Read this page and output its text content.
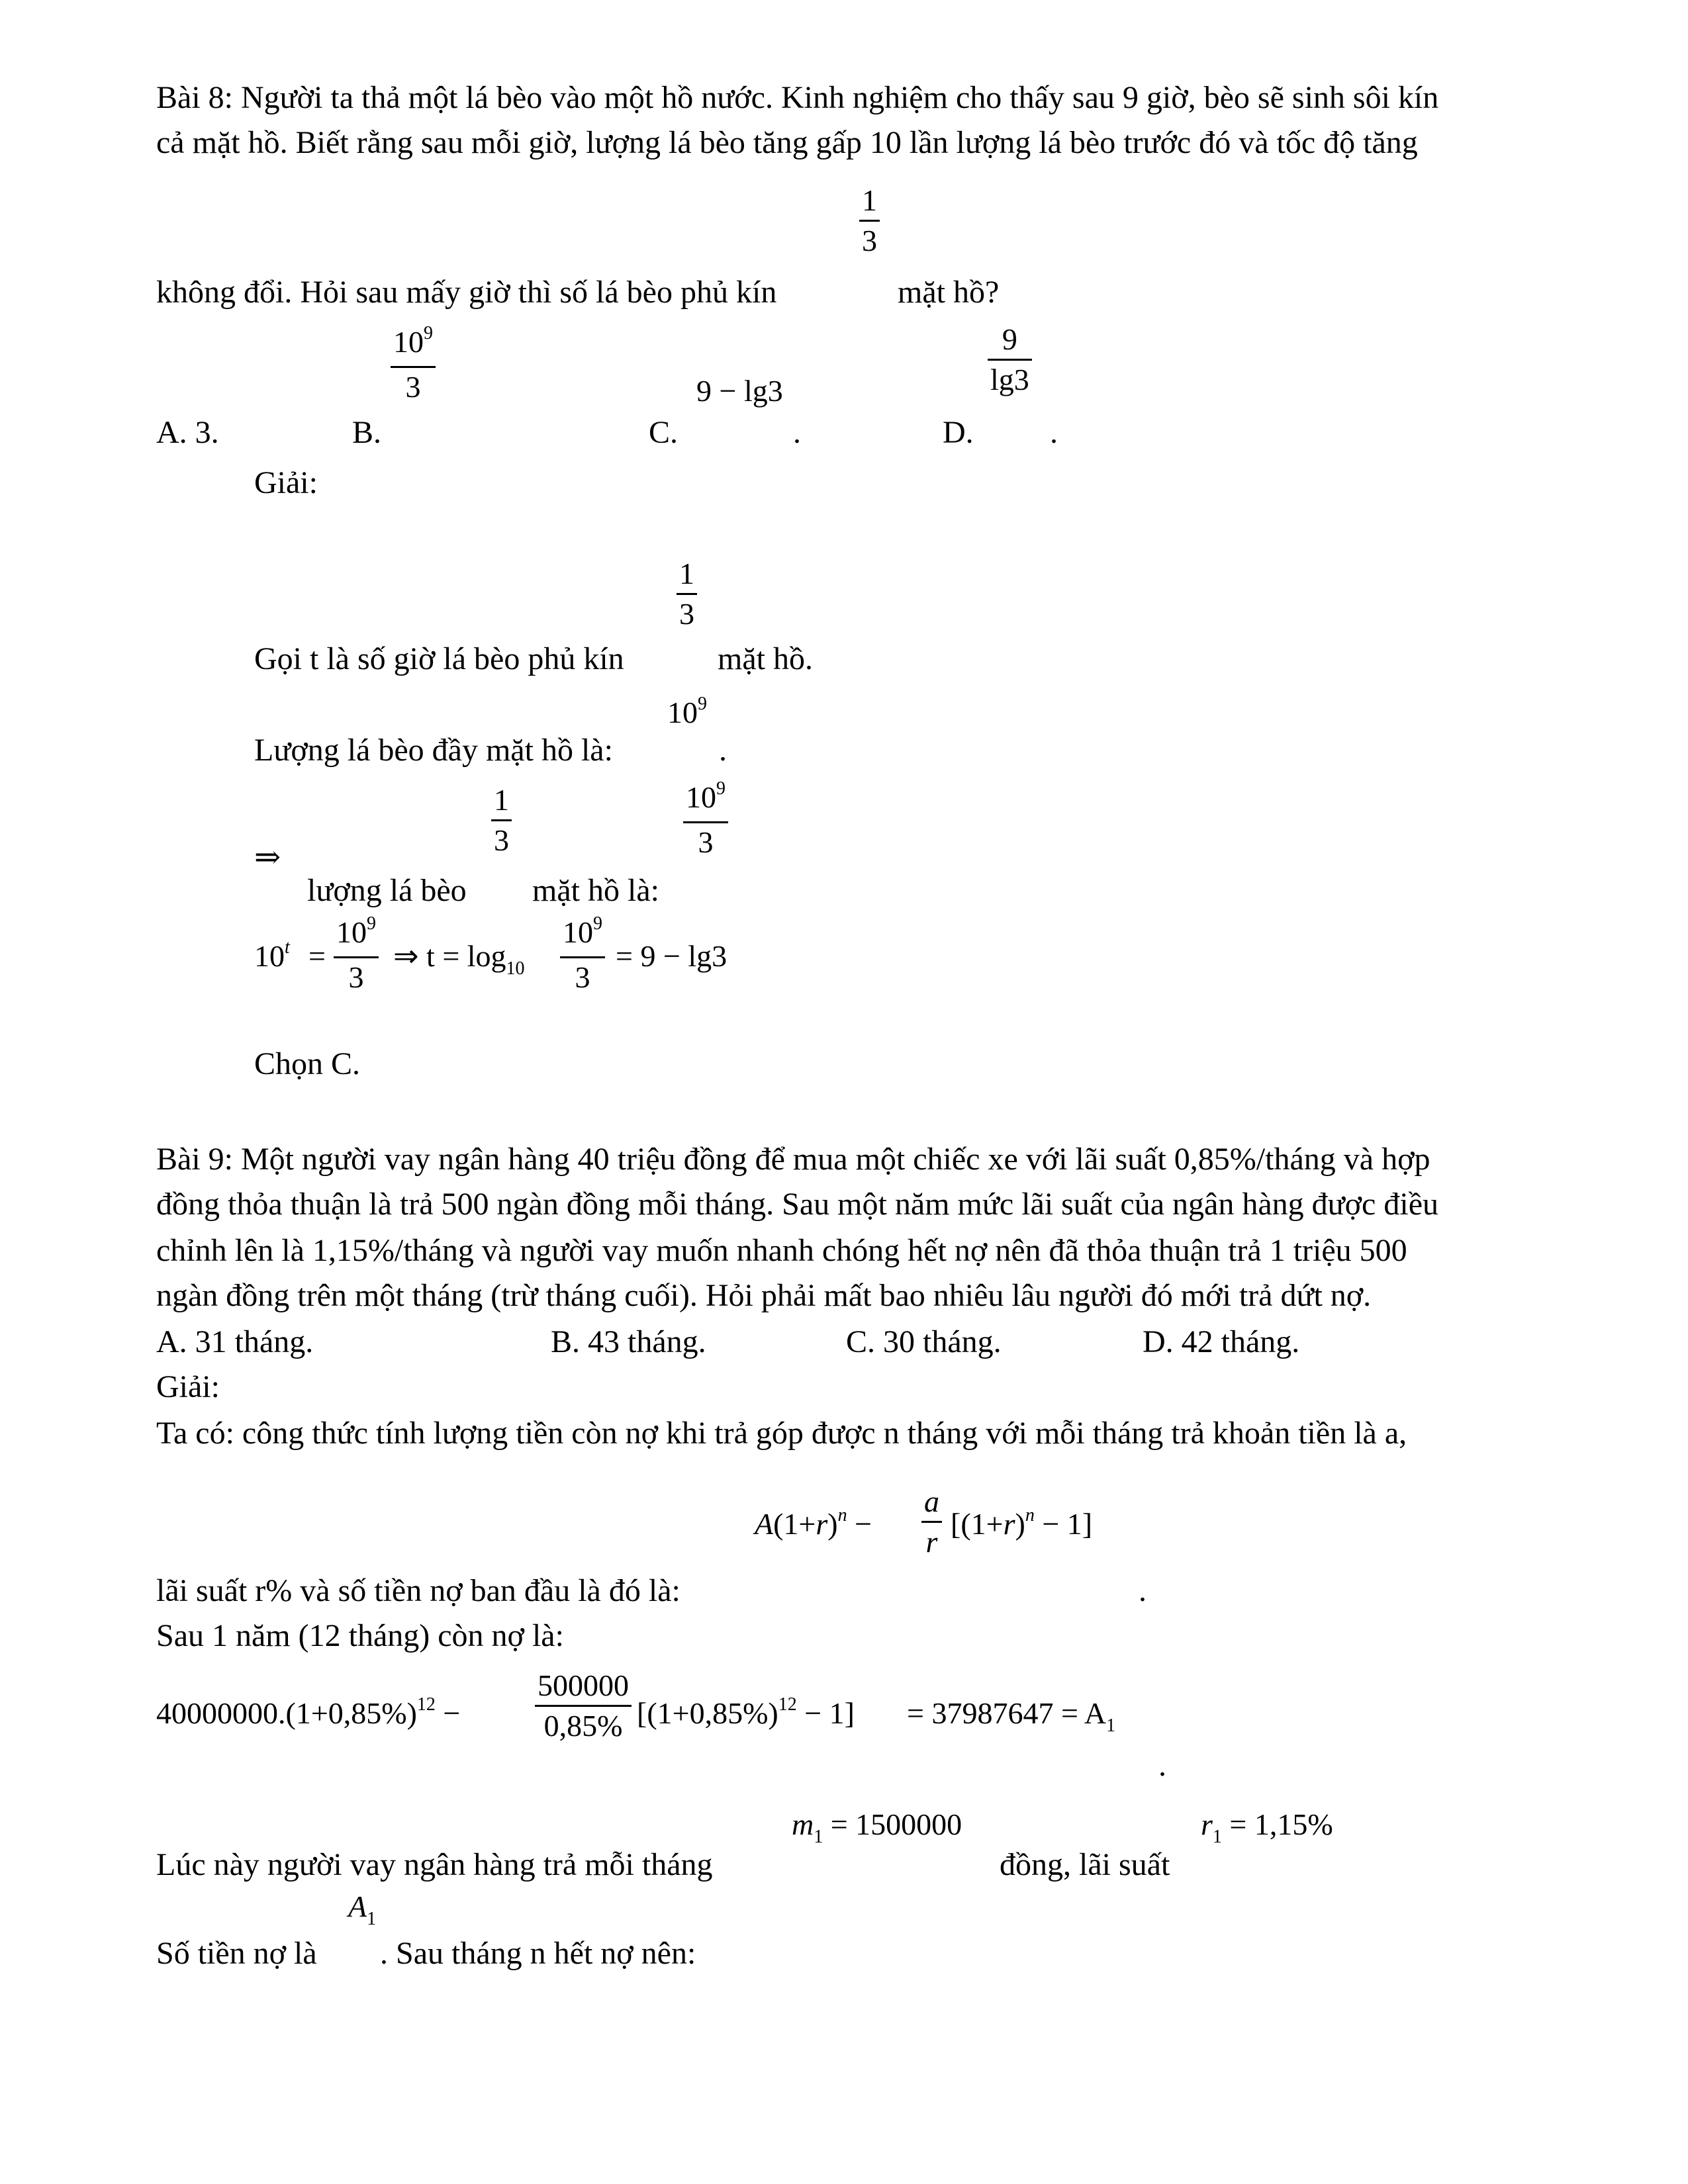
Bài 8: Người ta thả một lá bèo vào một hồ nước. Kinh nghiệm cho thấy sau 9 giờ, bèo sẽ sinh sôi kín
cả mặt hồ. Biết rằng sau mỗi giờ, lượng lá bèo tăng gấp 10 lần lượng lá bèo trước đó và tốc độ tăng
1
3
không đổi. Hỏi sau mấy giờ thì số lá bèo phủ kín	mặt hồ?
A. 3.	B.
$10^9$
3
C.
9 − lg3
.	D.
9
lg3
.
Giải:
1
3
Gọi t là số giờ lá bèo phủ kín	mặt hồ.
$10^9$
Lượng lá bèo đầy mặt hồ là:	.
⇒
1
3
$10^9$
3
lượng lá bèo mặt hồ là:
$10^t$ =
$10^9$
3
⇒ $t = \log_{10}$
$10^9$
3
= 9 − lg3
Chọn C.
Bài 9: Một người vay ngân hàng 40 triệu đồng để mua một chiếc xe với lãi suất 0,85%/tháng và hợp
đồng thỏa thuận là trả 500 ngàn đồng mỗi tháng. Sau một năm mức lãi suất của ngân hàng được điều
chỉnh lên là 1,15%/tháng và người vay muốn nhanh chóng hết nợ nên đã thỏa thuận trả 1 triệu 500
ngàn đồng trên một tháng (trừ tháng cuối). Hỏi phải mất bao nhiêu lâu người đó mới trả dứt nợ.
A. 31 tháng.	B. 43 tháng.	C. 30 tháng.	D. 42 tháng.
Giải:
Ta có: công thức tính lượng tiền còn nợ khi trả góp được n tháng với mỗi tháng trả khoản tiền là a,
$A(1+r)^n$ −
a
r
$[(1+r)^n - 1]$
lãi suất r% và số tiền nợ ban đầu là đó là:	.
Sau 1 năm (12 tháng) còn nợ là:
$40000000.(1+0,85\%)^{12}$ −
500000
0,85% $[(1+0,85\%)^{12} - 1] = 37987647 = A_1$
.
$m_1 = 1500000$	$r_1 = 1,15\%$
Lúc này người vay ngân hàng trả mỗi tháng	đồng, lãi suất
$A_1$
Số tiền nợ là . Sau tháng n hết nợ nên:
